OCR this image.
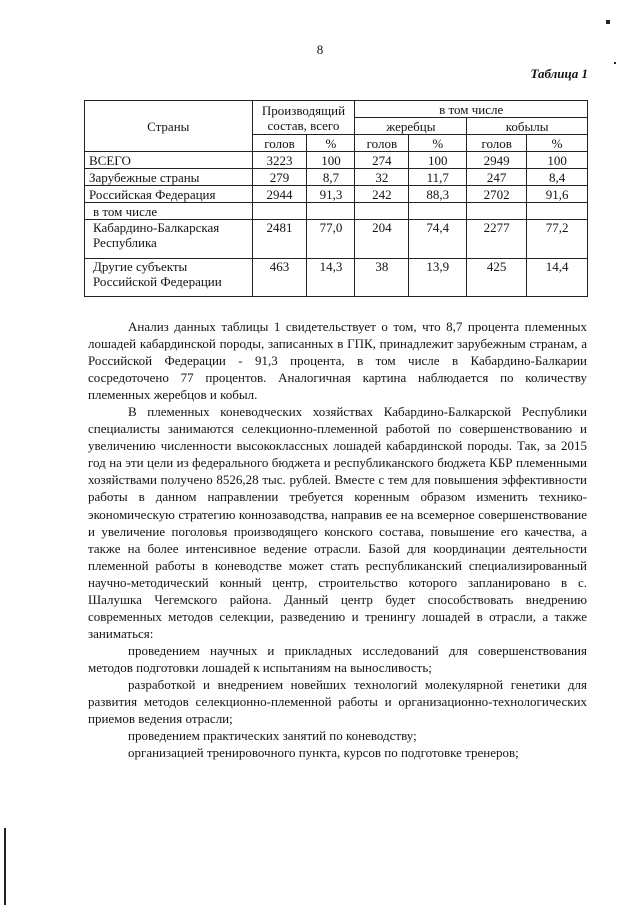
8
Таблица 1
Страны	Производящий состав, всего		в том числе			
			жеребцы		кобылы	
	голов	%	голов	%	голов	%
ВСЕГО	3223	100	274	100	2949	100
Зарубежные страны	279	8,7	32	11,7	247	8,4
Российская Федерация	2944	91,3	242	88,3	2702	91,6
в том числе						
Кабардино-Балкарская Республика	2481	77,0	204	74,4	2277	77,2
Другие субъекты Российской Федерации	463	14,3	38	13,9	425	14,4

Анализ данных таблицы 1 свидетельствует о том, что 8,7 процента племенных лошадей кабардинской породы, записанных в ГПК, принадлежит зарубежным странам, а Российской Федерации - 91,3 процента, в том числе в Кабардино-Балкарии сосредоточено 77 процентов. Аналогичная картина наблюдается по количеству племенных жеребцов и кобыл.

В племенных коневодческих хозяйствах Кабардино-Балкарской Республики специалисты занимаются селекционно-племенной работой по совершенствованию и увеличению численности высококлассных лошадей кабардинской породы. Так, за 2015 год на эти цели из федерального бюджета и республиканского бюджета КБР племенными хозяйствами получено 8526,28 тыс. рублей. Вместе с тем для повышения эффективности работы в данном направлении требуется коренным образом изменить технико-экономическую стратегию коннозаводства, направив ее на всемерное совершенствование и увеличение поголовья производящего конского состава, повышение его качества, а также на более интенсивное ведение отрасли. Базой для координации деятельности племенной работы в коневодстве может стать республиканский специализированный научно-методический конный центр, строительство которого запланировано в с. Шалушка Чегемского района. Данный центр будет способствовать внедрению современных методов селекции, разведению и тренингу лошадей в отрасли, а также заниматься:

проведением научных и прикладных исследований для совершенствования методов подготовки лошадей к испытаниям на выносливость;

разработкой и внедрением новейших технологий молекулярной генетики для развития методов селекционно-племенной работы и организационно-технологических приемов ведения отрасли;

проведением практических занятий по коневодству;

организацией тренировочного пункта, курсов по подготовке тренеров;
